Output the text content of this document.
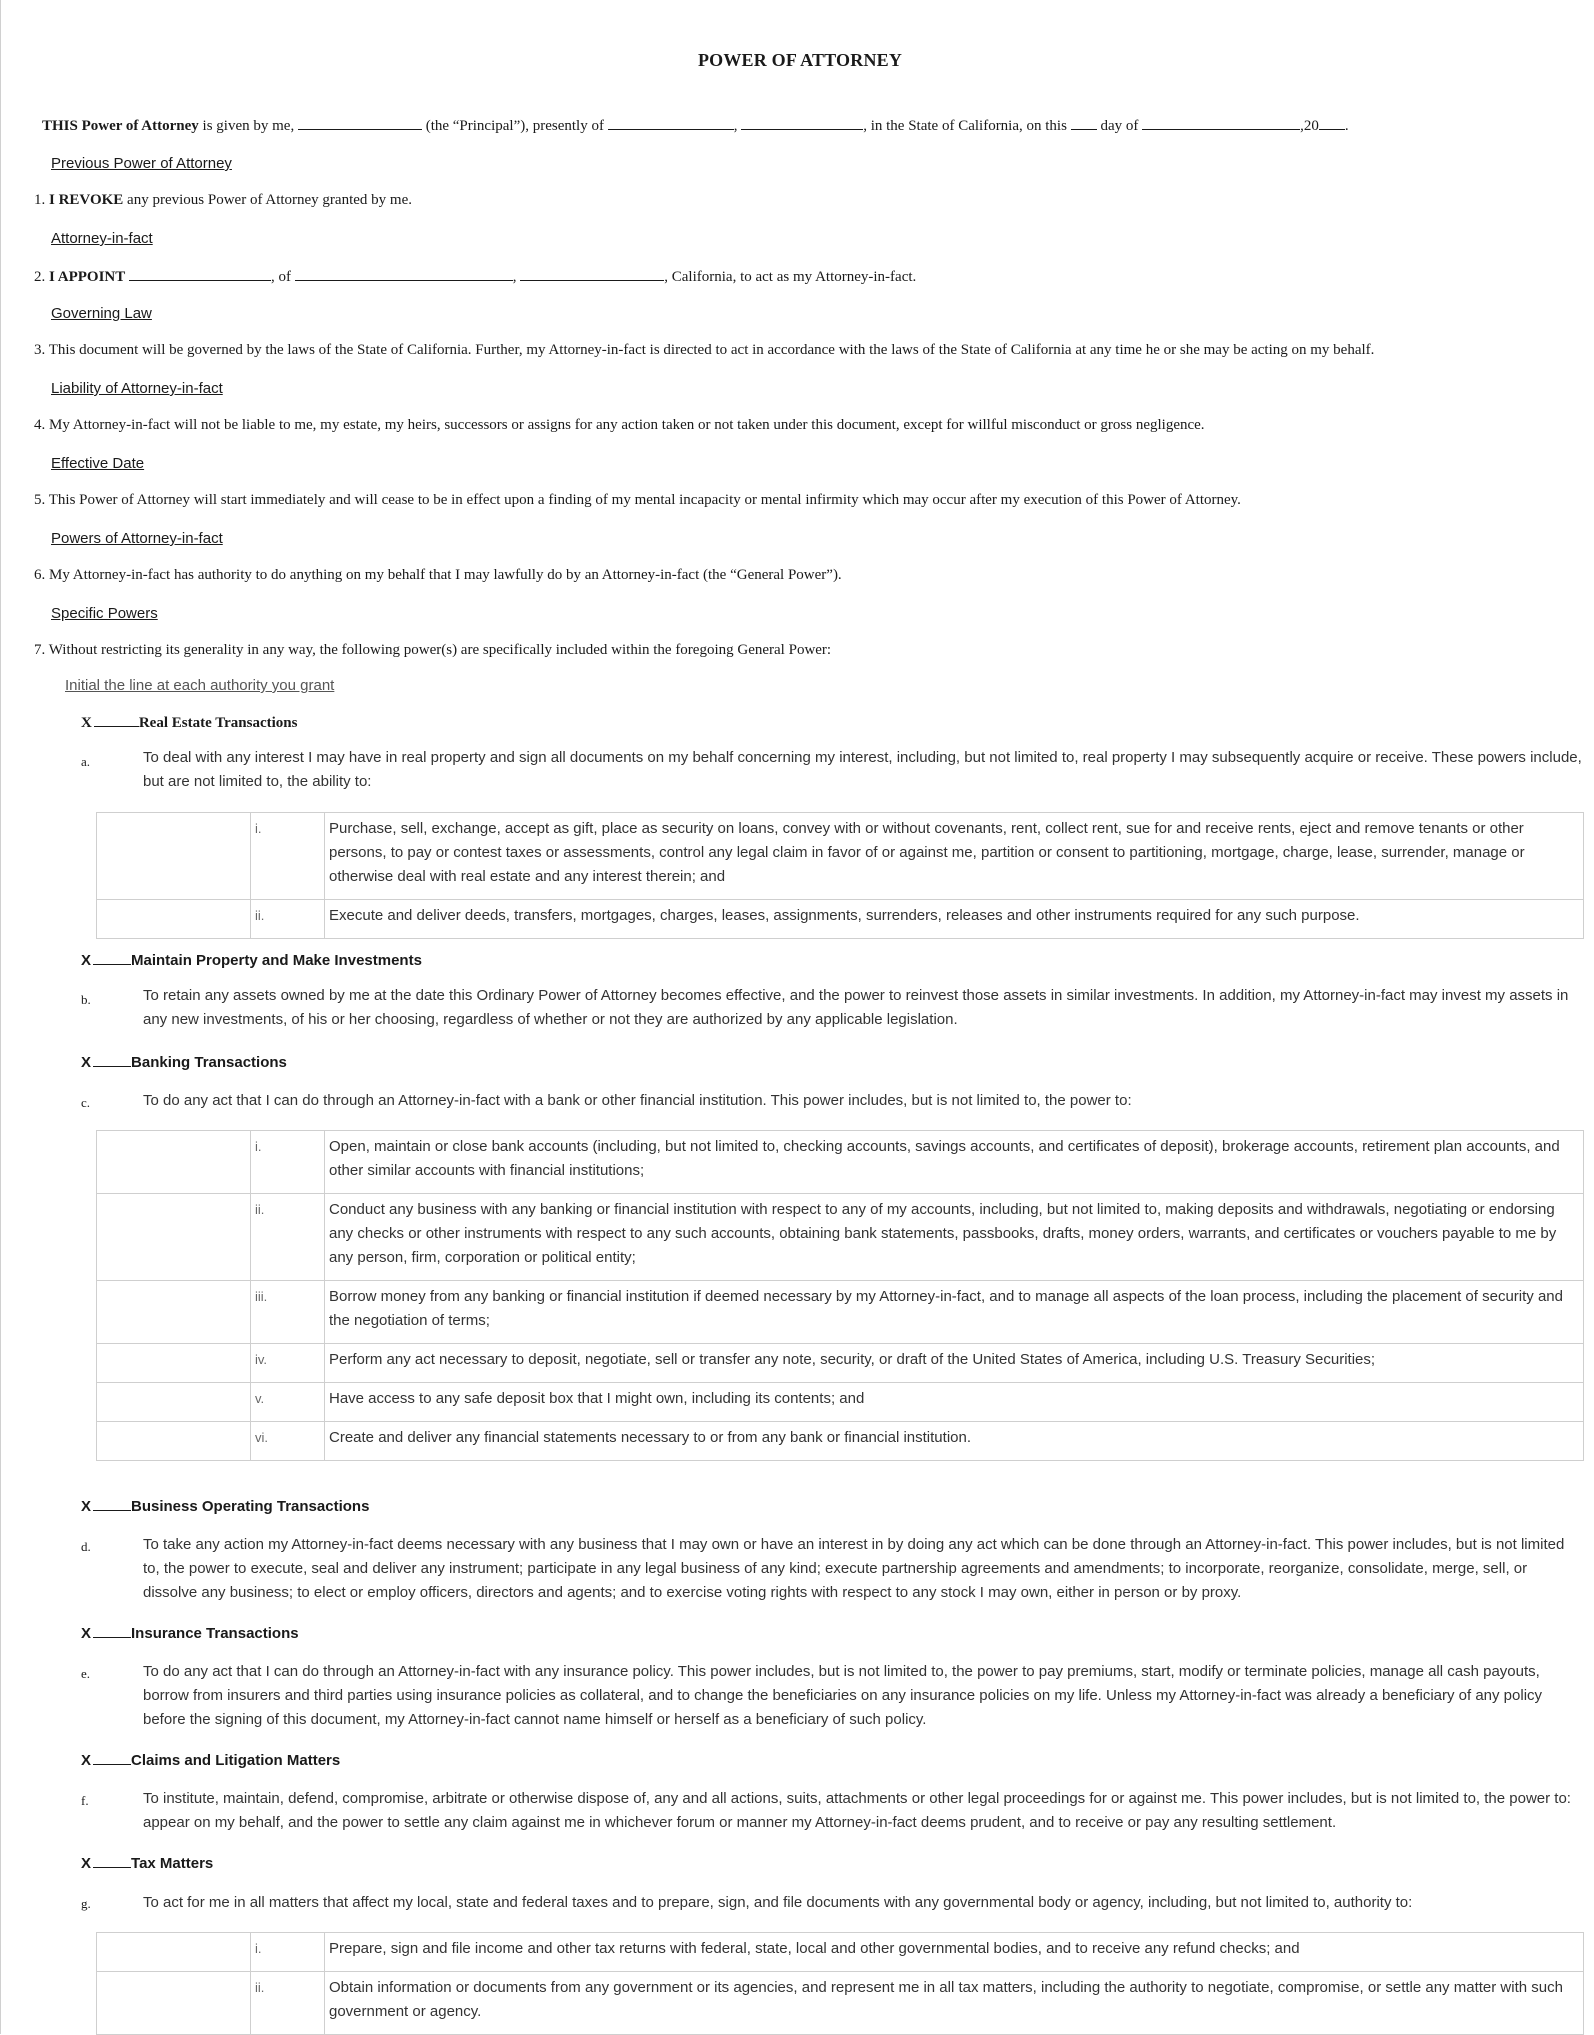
POWER OF ATTORNEY
THIS Power of Attorney is given by me,	(the “Principal”), presently of	,	, in the State of California, on this  day of	,20 .
Previous Power of Attorney
1. I REVOKE any previous Power of Attorney granted by me.
Attorney-in-fact
2. I APPOINT	, of	,	, California, to act as my Attorney-in-fact.
Governing Law
3. This document will be governed by the laws of the State of California. Further, my Attorney-in-fact is directed to act in accordance with the laws of the State of California at any time he or she may be acting on my behalf.
Liability of Attorney-in-fact
4. My Attorney-in-fact will not be liable to me, my estate, my heirs, successors or assigns for any action taken or not taken under this document, except for willful misconduct or gross negligence.
Effective Date
5. This Power of Attorney will start immediately and will cease to be in effect upon a finding of my mental incapacity or mental infirmity which may occur after my execution of this Power of Attorney.
Powers of Attorney-in-fact
6. My Attorney-in-fact has authority to do anything on my behalf that I may lawfully do by an Attorney-in-fact (the “General Power”).
Specific Powers
7. Without restricting its generality in any way, the following power(s) are specifically included within the foregoing General Power:
Initial the line at each authority you grant
X	Real Estate Transactions
a.	To deal with any interest I may have in real property and sign all documents on my behalf concerning my interest, including, but not limited to, real property I may subsequently acquire or receive. These powers include, but are not limited to, the ability to:
	i.	Purchase, sell, exchange, accept as gift, place as security on loans, convey with or without covenants, rent, collect rent, sue for and receive rents, eject and remove tenants or other persons, to pay or contest taxes or assessments, control any legal claim in favor of or against me, partition or consent to partitioning, mortgage, charge, lease, surrender, manage or otherwise deal with real estate and any interest therein; and
	ii.	Execute and deliver deeds, transfers, mortgages, charges, leases, assignments, surrenders, releases and other instruments required for any such purpose.
X	Maintain Property and Make Investments
b.	To retain any assets owned by me at the date this Ordinary Power of Attorney becomes effective, and the power to reinvest those assets in similar investments. In addition, my Attorney-in-fact may invest my assets in any new investments, of his or her choosing, regardless of whether or not they are authorized by any applicable legislation.
X	Banking Transactions
c.	To do any act that I can do through an Attorney-in-fact with a bank or other financial institution. This power includes, but is not limited to, the power to:
	i.	Open, maintain or close bank accounts (including, but not limited to, checking accounts, savings accounts, and certificates of deposit), brokerage accounts, retirement plan accounts, and other similar accounts with financial institutions;
	ii.	Conduct any business with any banking or financial institution with respect to any of my accounts, including, but not limited to, making deposits and withdrawals, negotiating or endorsing any checks or other instruments with respect to any such accounts, obtaining bank statements, passbooks, drafts, money orders, warrants, and certificates or vouchers payable to me by any person, firm, corporation or political entity;
	iii.	Borrow money from any banking or financial institution if deemed necessary by my Attorney-in-fact, and to manage all aspects of the loan process, including the placement of security and the negotiation of terms;
	iv.	Perform any act necessary to deposit, negotiate, sell or transfer any note, security, or draft of the United States of America, including U.S. Treasury Securities;
	v.	Have access to any safe deposit box that I might own, including its contents; and
	vi.	Create and deliver any financial statements necessary to or from any bank or financial institution.
X	Business Operating Transactions
d.	To take any action my Attorney-in-fact deems necessary with any business that I may own or have an interest in by doing any act which can be done through an Attorney-in-fact. This power includes, but is not limited to, the power to execute, seal and deliver any instrument; participate in any legal business of any kind; execute partnership agreements and amendments; to incorporate, reorganize, consolidate, merge, sell, or dissolve any business; to elect or employ officers, directors and agents; and to exercise voting rights with respect to any stock I may own, either in person or by proxy.
X	Insurance Transactions
e.	To do any act that I can do through an Attorney-in-fact with any insurance policy. This power includes, but is not limited to, the power to pay premiums, start, modify or terminate policies, manage all cash payouts, borrow from insurers and third parties using insurance policies as collateral, and to change the beneficiaries on any insurance policies on my life. Unless my Attorney-in-fact was already a beneficiary of any policy before the signing of this document, my Attorney-in-fact cannot name himself or herself as a beneficiary of such policy.
X	Claims and Litigation Matters
f.	To institute, maintain, defend, compromise, arbitrate or otherwise dispose of, any and all actions, suits, attachments or other legal proceedings for or against me. This power includes, but is not limited to, the power to: appear on my behalf, and the power to settle any claim against me in whichever forum or manner my Attorney-in-fact deems prudent, and to receive or pay any resulting settlement.
X	Tax Matters
g.	To act for me in all matters that affect my local, state and federal taxes and to prepare, sign, and file documents with any governmental body or agency, including, but not limited to, authority to:
	i.	Prepare, sign and file income and other tax returns with federal, state, local and other governmental bodies, and to receive any refund checks; and
	ii.	Obtain information or documents from any government or its agencies, and represent me in all tax matters, including the authority to negotiate, compromise, or settle any matter with such government or agency.
